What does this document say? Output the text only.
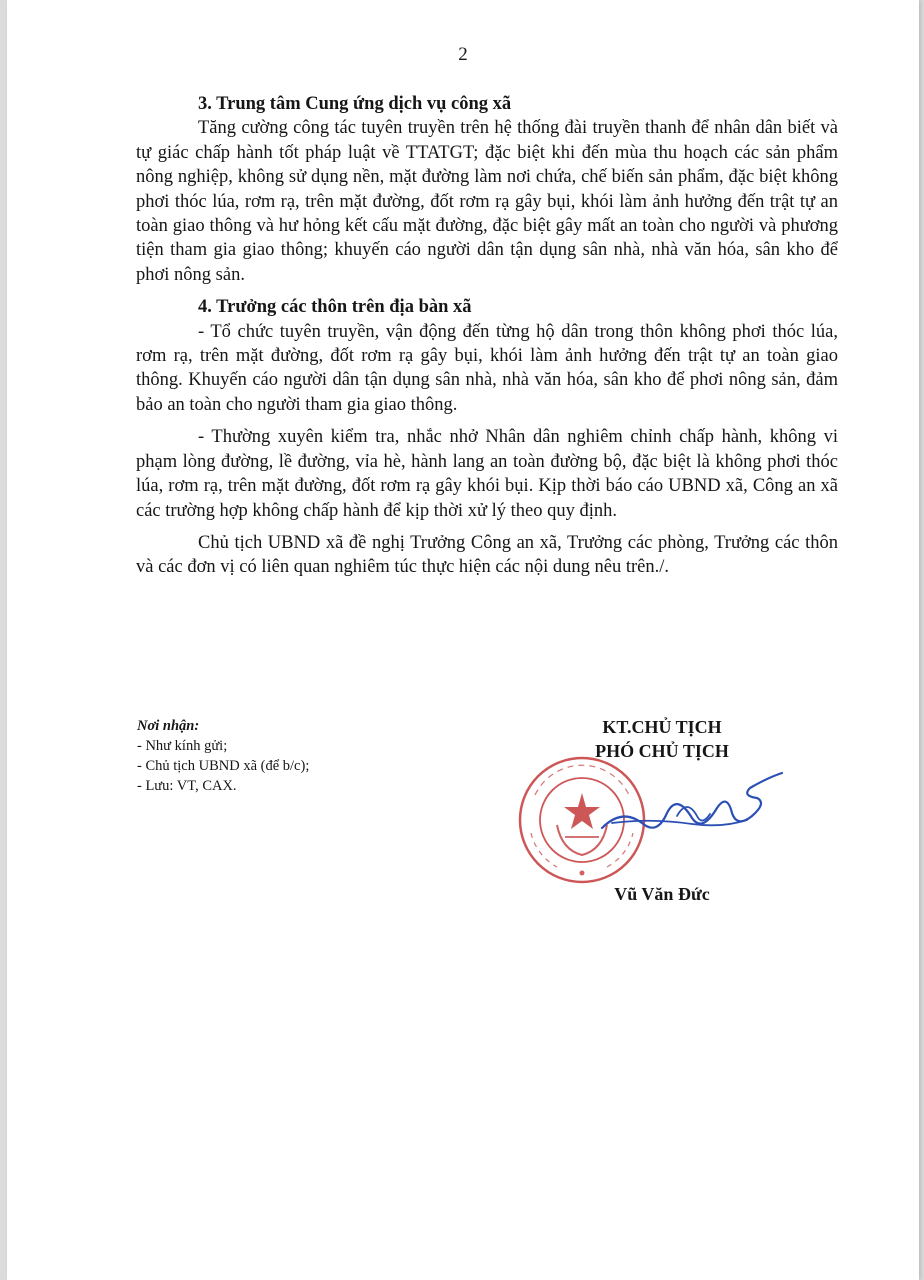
2

3. Trung tâm Cung ứng dịch vụ công xã

Tăng cường công tác tuyên truyền trên hệ thống đài truyền thanh để nhân dân biết và tự giác chấp hành tốt pháp luật về TTATGT; đặc biệt khi đến mùa thu hoạch các sản phẩm nông nghiệp, không sử dụng nền, mặt đường làm nơi chứa, chế biến sản phẩm, đặc biệt không phơi thóc lúa, rơm rạ, trên mặt đường, đốt rơm rạ gây bụi, khói làm ảnh hưởng đến trật tự an toàn giao thông và hư hỏng kết cấu mặt đường, đặc biệt gây mất an toàn cho người và phương tiện tham gia giao thông; khuyến cáo người dân tận dụng sân nhà, nhà văn hóa, sân kho để phơi nông sản.

4. Trưởng các thôn trên địa bàn xã

- Tổ chức tuyên truyền, vận động đến từng hộ dân trong thôn không phơi thóc lúa, rơm rạ, trên mặt đường, đốt rơm rạ gây bụi, khói làm ảnh hưởng đến trật tự an toàn giao thông. Khuyến cáo người dân tận dụng sân nhà, nhà văn hóa, sân kho để phơi nông sản, đảm bảo an toàn cho người tham gia giao thông.

- Thường xuyên kiểm tra, nhắc nhở Nhân dân nghiêm chỉnh chấp hành, không vi phạm lòng đường, lề đường, vỉa hè, hành lang an toàn đường bộ, đặc biệt là không phơi thóc lúa, rơm rạ, trên mặt đường, đốt rơm rạ gây khói bụi. Kịp thời báo cáo UBND xã, Công an xã các trường hợp không chấp hành để kịp thời xử lý theo quy định.

Chủ tịch UBND xã đề nghị Trưởng Công an xã, Trưởng các phòng, Trưởng các thôn và các đơn vị có liên quan nghiêm túc thực hiện các nội dung nêu trên./.

Nơi nhận:
- Như kính gửi;
- Chủ tịch UBND xã (để b/c);
- Lưu: VT, CAX.
KT.CHỦ TỊCH
PHÓ CHỦ TỊCH
Vũ Văn Đức
